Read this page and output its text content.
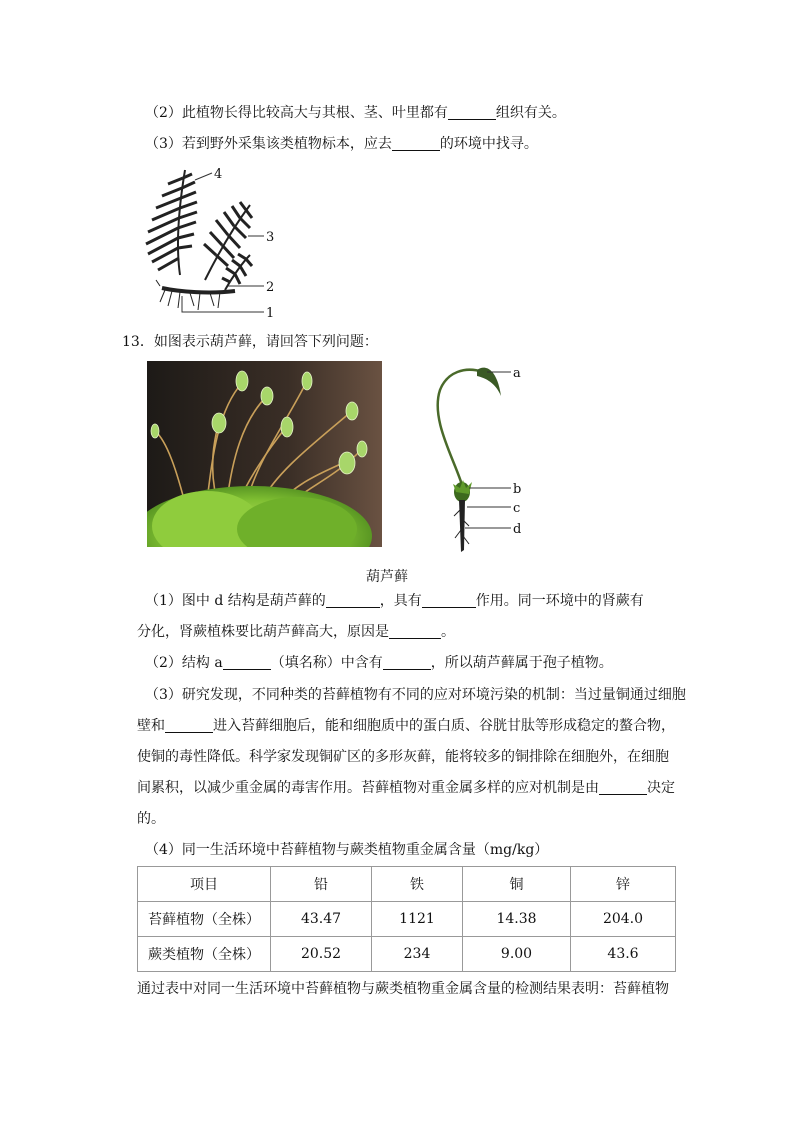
（2）此植物长得比较高大与其根、茎、叶里都有	组织有关。
（3）若到野外采集该类植物标本，应去	的环境中找寻。
4
3
2
1
13．如图表示葫芦藓，请回答下列问题：
a
b
c
d
葫芦藓
（1）图中 d 结构是葫芦藓的	，具有	作用。同一环境中的肾蕨有
分化，肾蕨植株要比葫芦藓高大，原因是	。
（2）结构 a	（填名称）中含有	，所以葫芦藓属于孢子植物。
（3）研究发现，不同种类的苔藓植物有不同的应对环境污染的机制：当过量铜通过细胞
壁和	进入苔藓细胞后，能和细胞质中的蛋白质、谷胱甘肽等形成稳定的螯合物，
使铜的毒性降低。科学家发现铜矿区的多形灰藓，能将较多的铜排除在细胞外，在细胞
间累积，以减少重金属的毒害作用。苔藓植物对重金属多样的应对机制是由	决定
的。
（4）同一生活环境中苔藓植物与蕨类植物重金属含量（mg/kg）
项目	铅	铁	铜	锌
苔藓植物（全株）	43.47	1121	14.38	204.0
蕨类植物（全株）	20.52	234	9.00	43.6
通过表中对同一生活环境中苔藓植物与蕨类植物重金属含量的检测结果表明：苔藓植物
